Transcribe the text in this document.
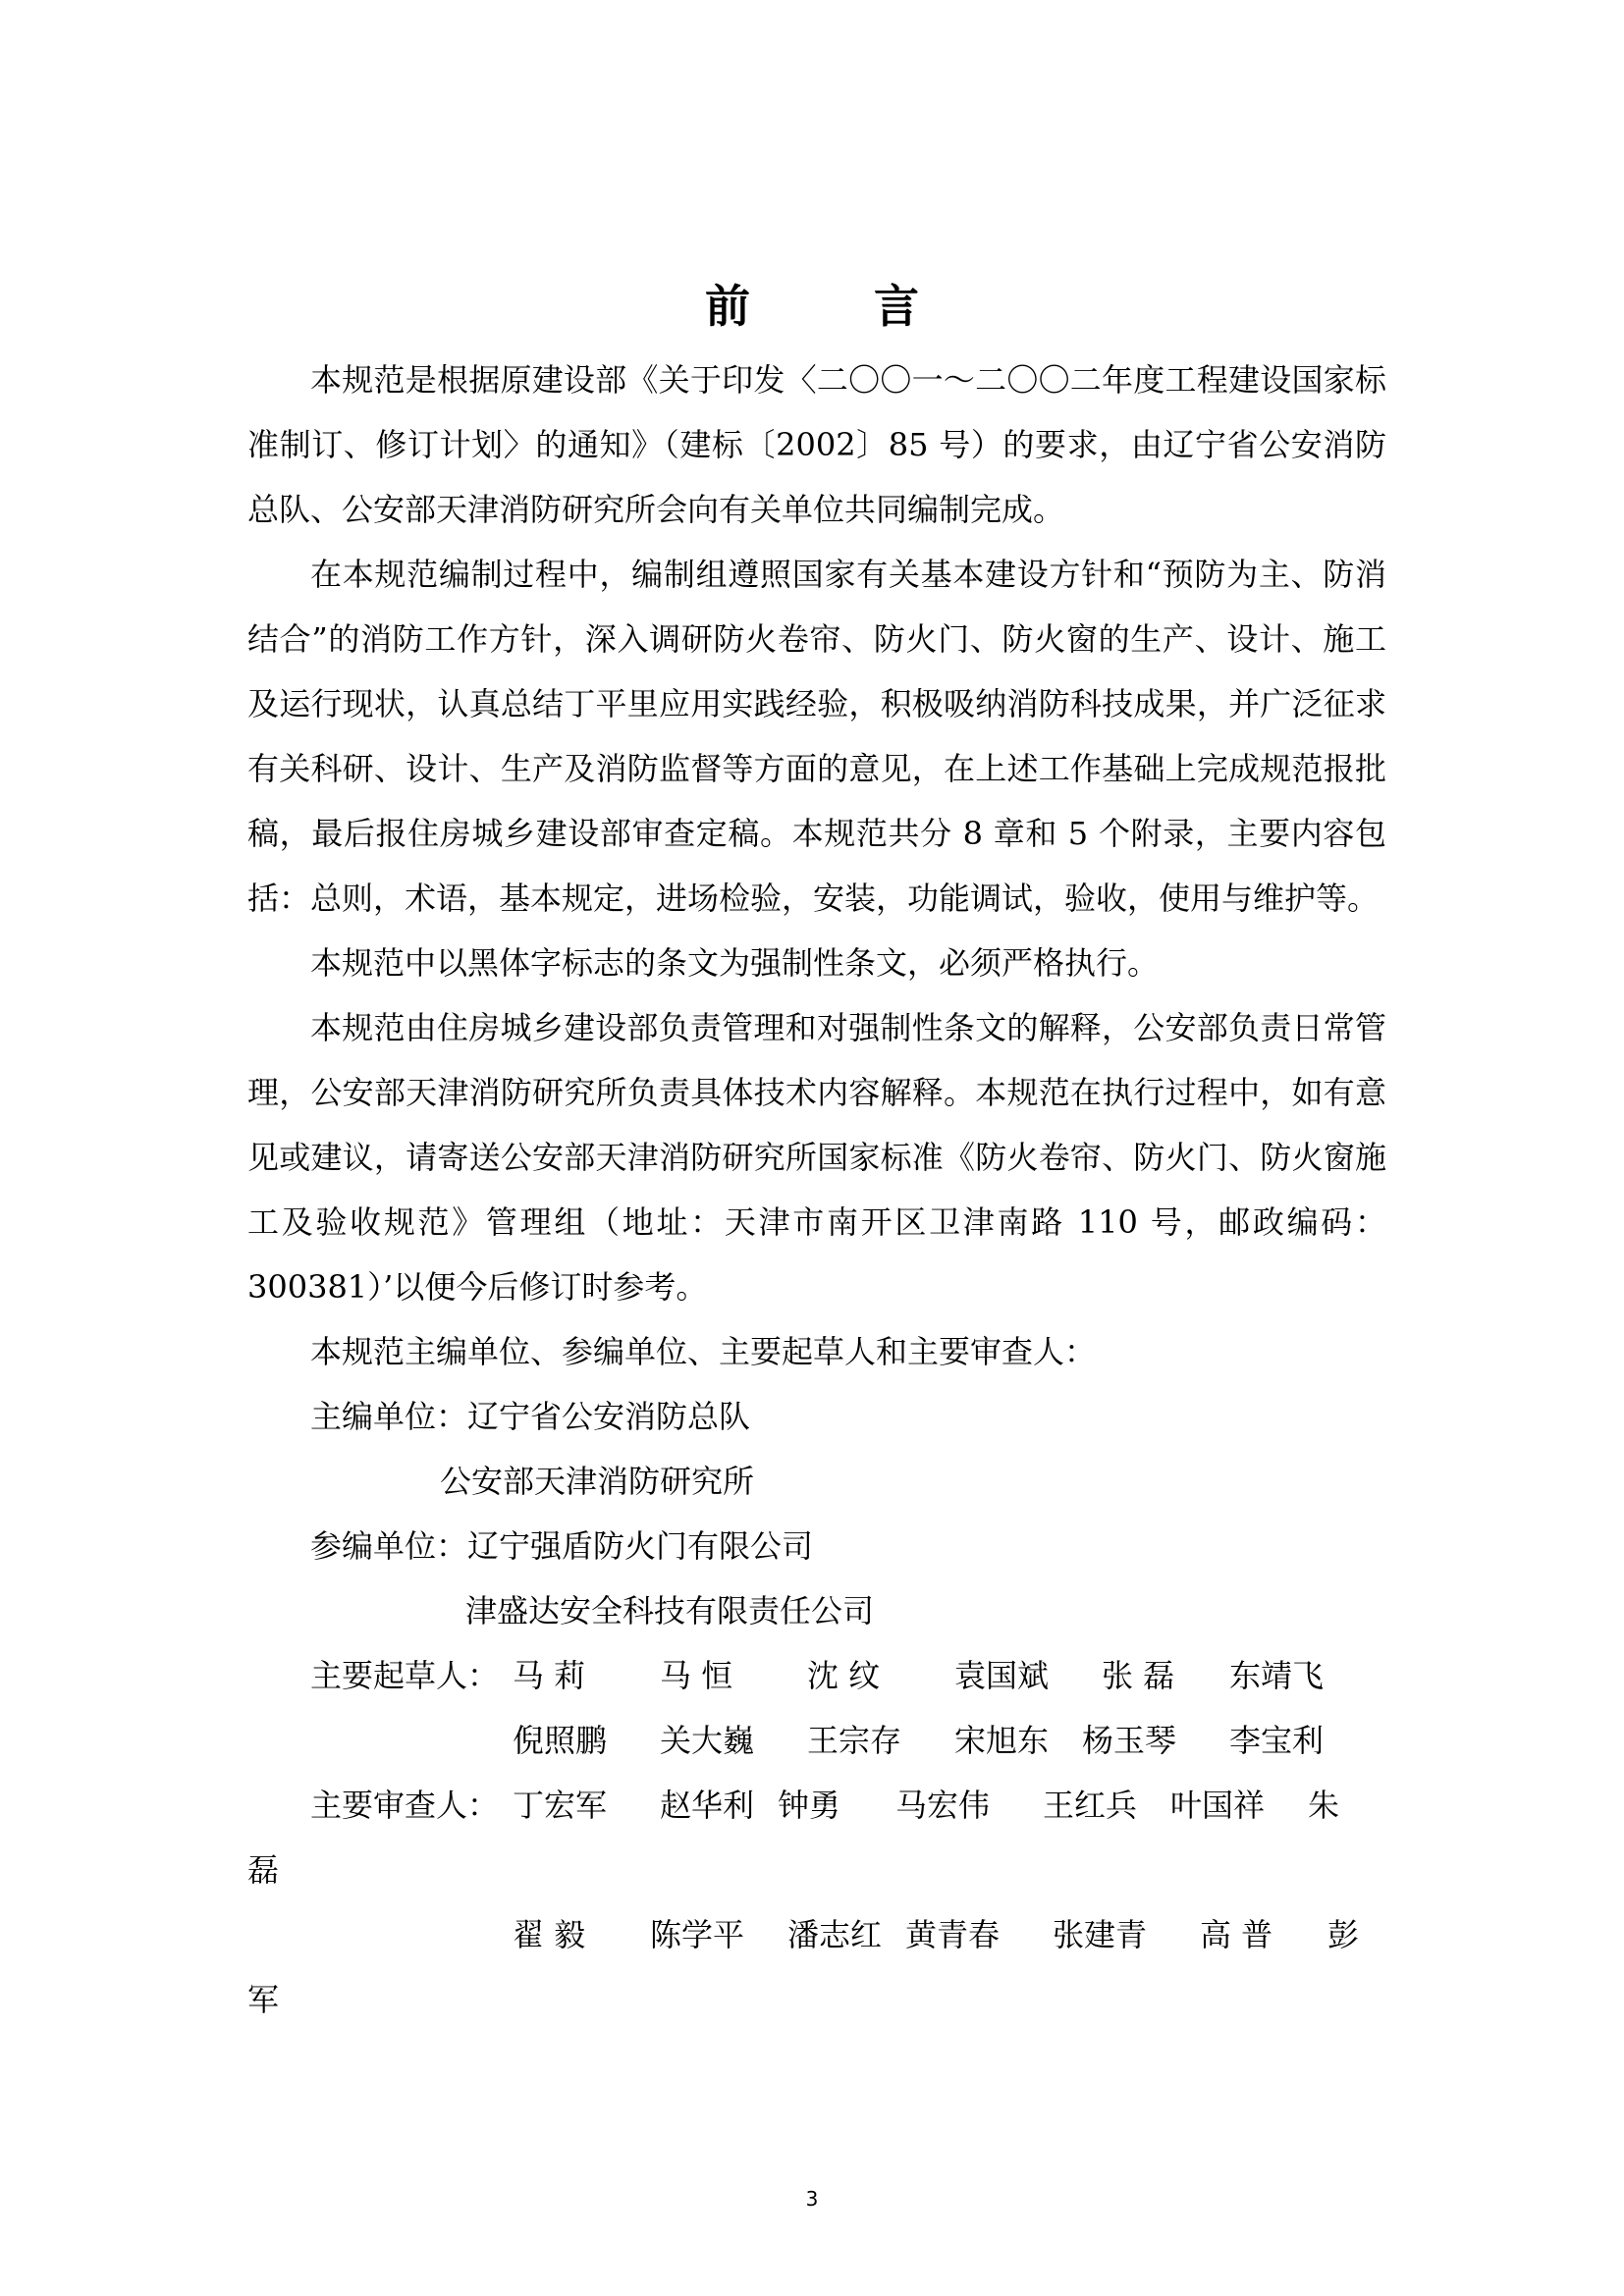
前　言

本规范是根据原建设部《关于印发〈二〇〇一～二〇〇二年度工程建设国家标准制订、修订计划〉的通知》（建标〔2002〕85 号）的要求，由辽宁省公安消防总队、公安部天津消防研究所会向有关单位共同编制完成。

在本规范编制过程中，编制组遵照国家有关基本建设方针和“预防为主、防消结合”的消防工作方针，深入调研防火卷帘、防火门、防火窗的生产、设计、施工及运行现状，认真总结丁平里应用实践经验，积极吸纳消防科技成果，并广泛征求有关科研、设计、生产及消防监督等方面的意见，在上述工作基础上完成规范报批稿，最后报住房城乡建设部审查定稿。本规范共分 8 章和 5 个附录，主要内容包括：总则，术语，基本规定，进场检验，安装，功能调试，验收，使用与维护等。

本规范中以黑体字标志的条文为强制性条文，必须严格执行。

本规范由住房城乡建设部负责管理和对强制性条文的解释，公安部负责日常管理，公安部天津消防研究所负责具体技术内容解释。本规范在执行过程中，如有意见或建议，请寄送公安部天津消防研究所国家标准《防火卷帘、防火门、防火窗施工及验收规范》管理组（地址：天津市南开区卫津南路 110 号，邮政编码：300381）’以便今后修订时参考。

本规范主编单位、参编单位、主要起草人和主要审查人：

主编单位：辽宁省公安消防总队

公安部天津消防研究所

参编单位：辽宁强盾防火门有限公司

津盛达安全科技有限责任公司

主要起草人： 马 莉 马 恒 沈 纹 袁国斌 张 磊 东靖飞

倪照鹏 关大巍 王宗存 宋旭东 杨玉琴 李宝利

主要审查人： 丁宏军 赵华利 钟勇 马宏伟 王红兵 叶国祥 朱

磊

翟 毅 陈学平 潘志红 黄青春 张建青 高 普 彭

军

3
